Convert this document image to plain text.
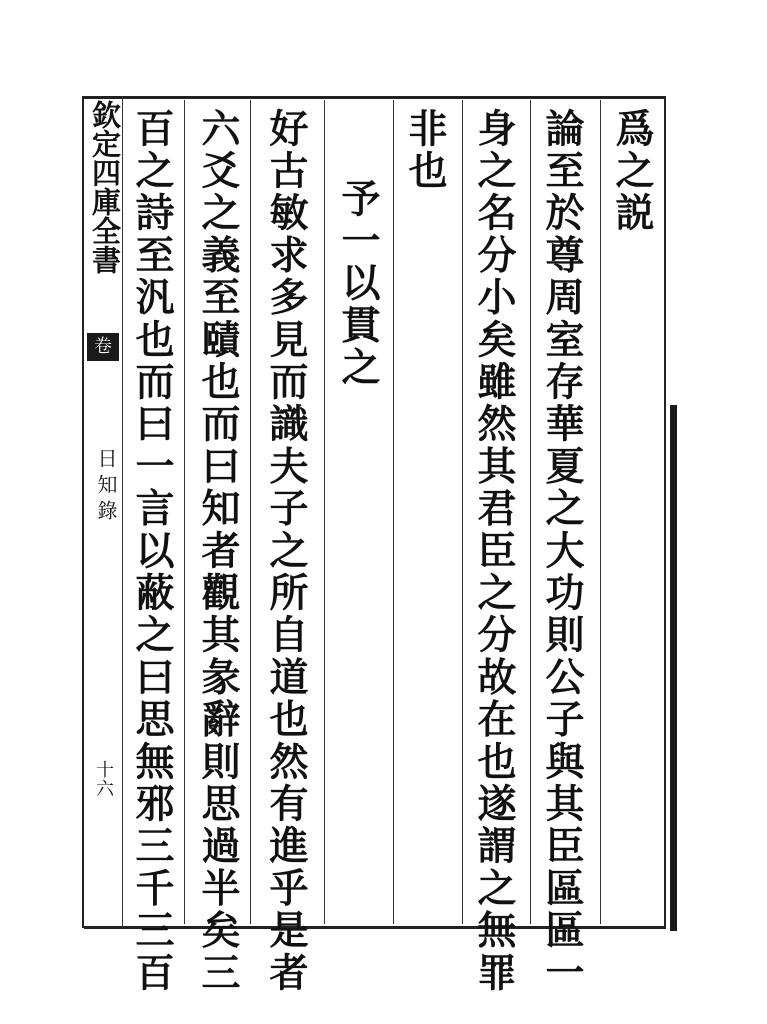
欽定四庫全書
卷
日知錄
十六
爲之説
論至於尊周室存華夏之大功則公子與其臣區區一
身之名分小矣雖然其君臣之分故在也遂謂之無罪
非也
予一以貫之
好古敏求多見而識夫子之所自道也然有進乎是者
六爻之義至賾也而曰知者觀其彖辭則思過半矣三
百之詩至汎也而曰一言以蔽之曰思無邪三千三百
